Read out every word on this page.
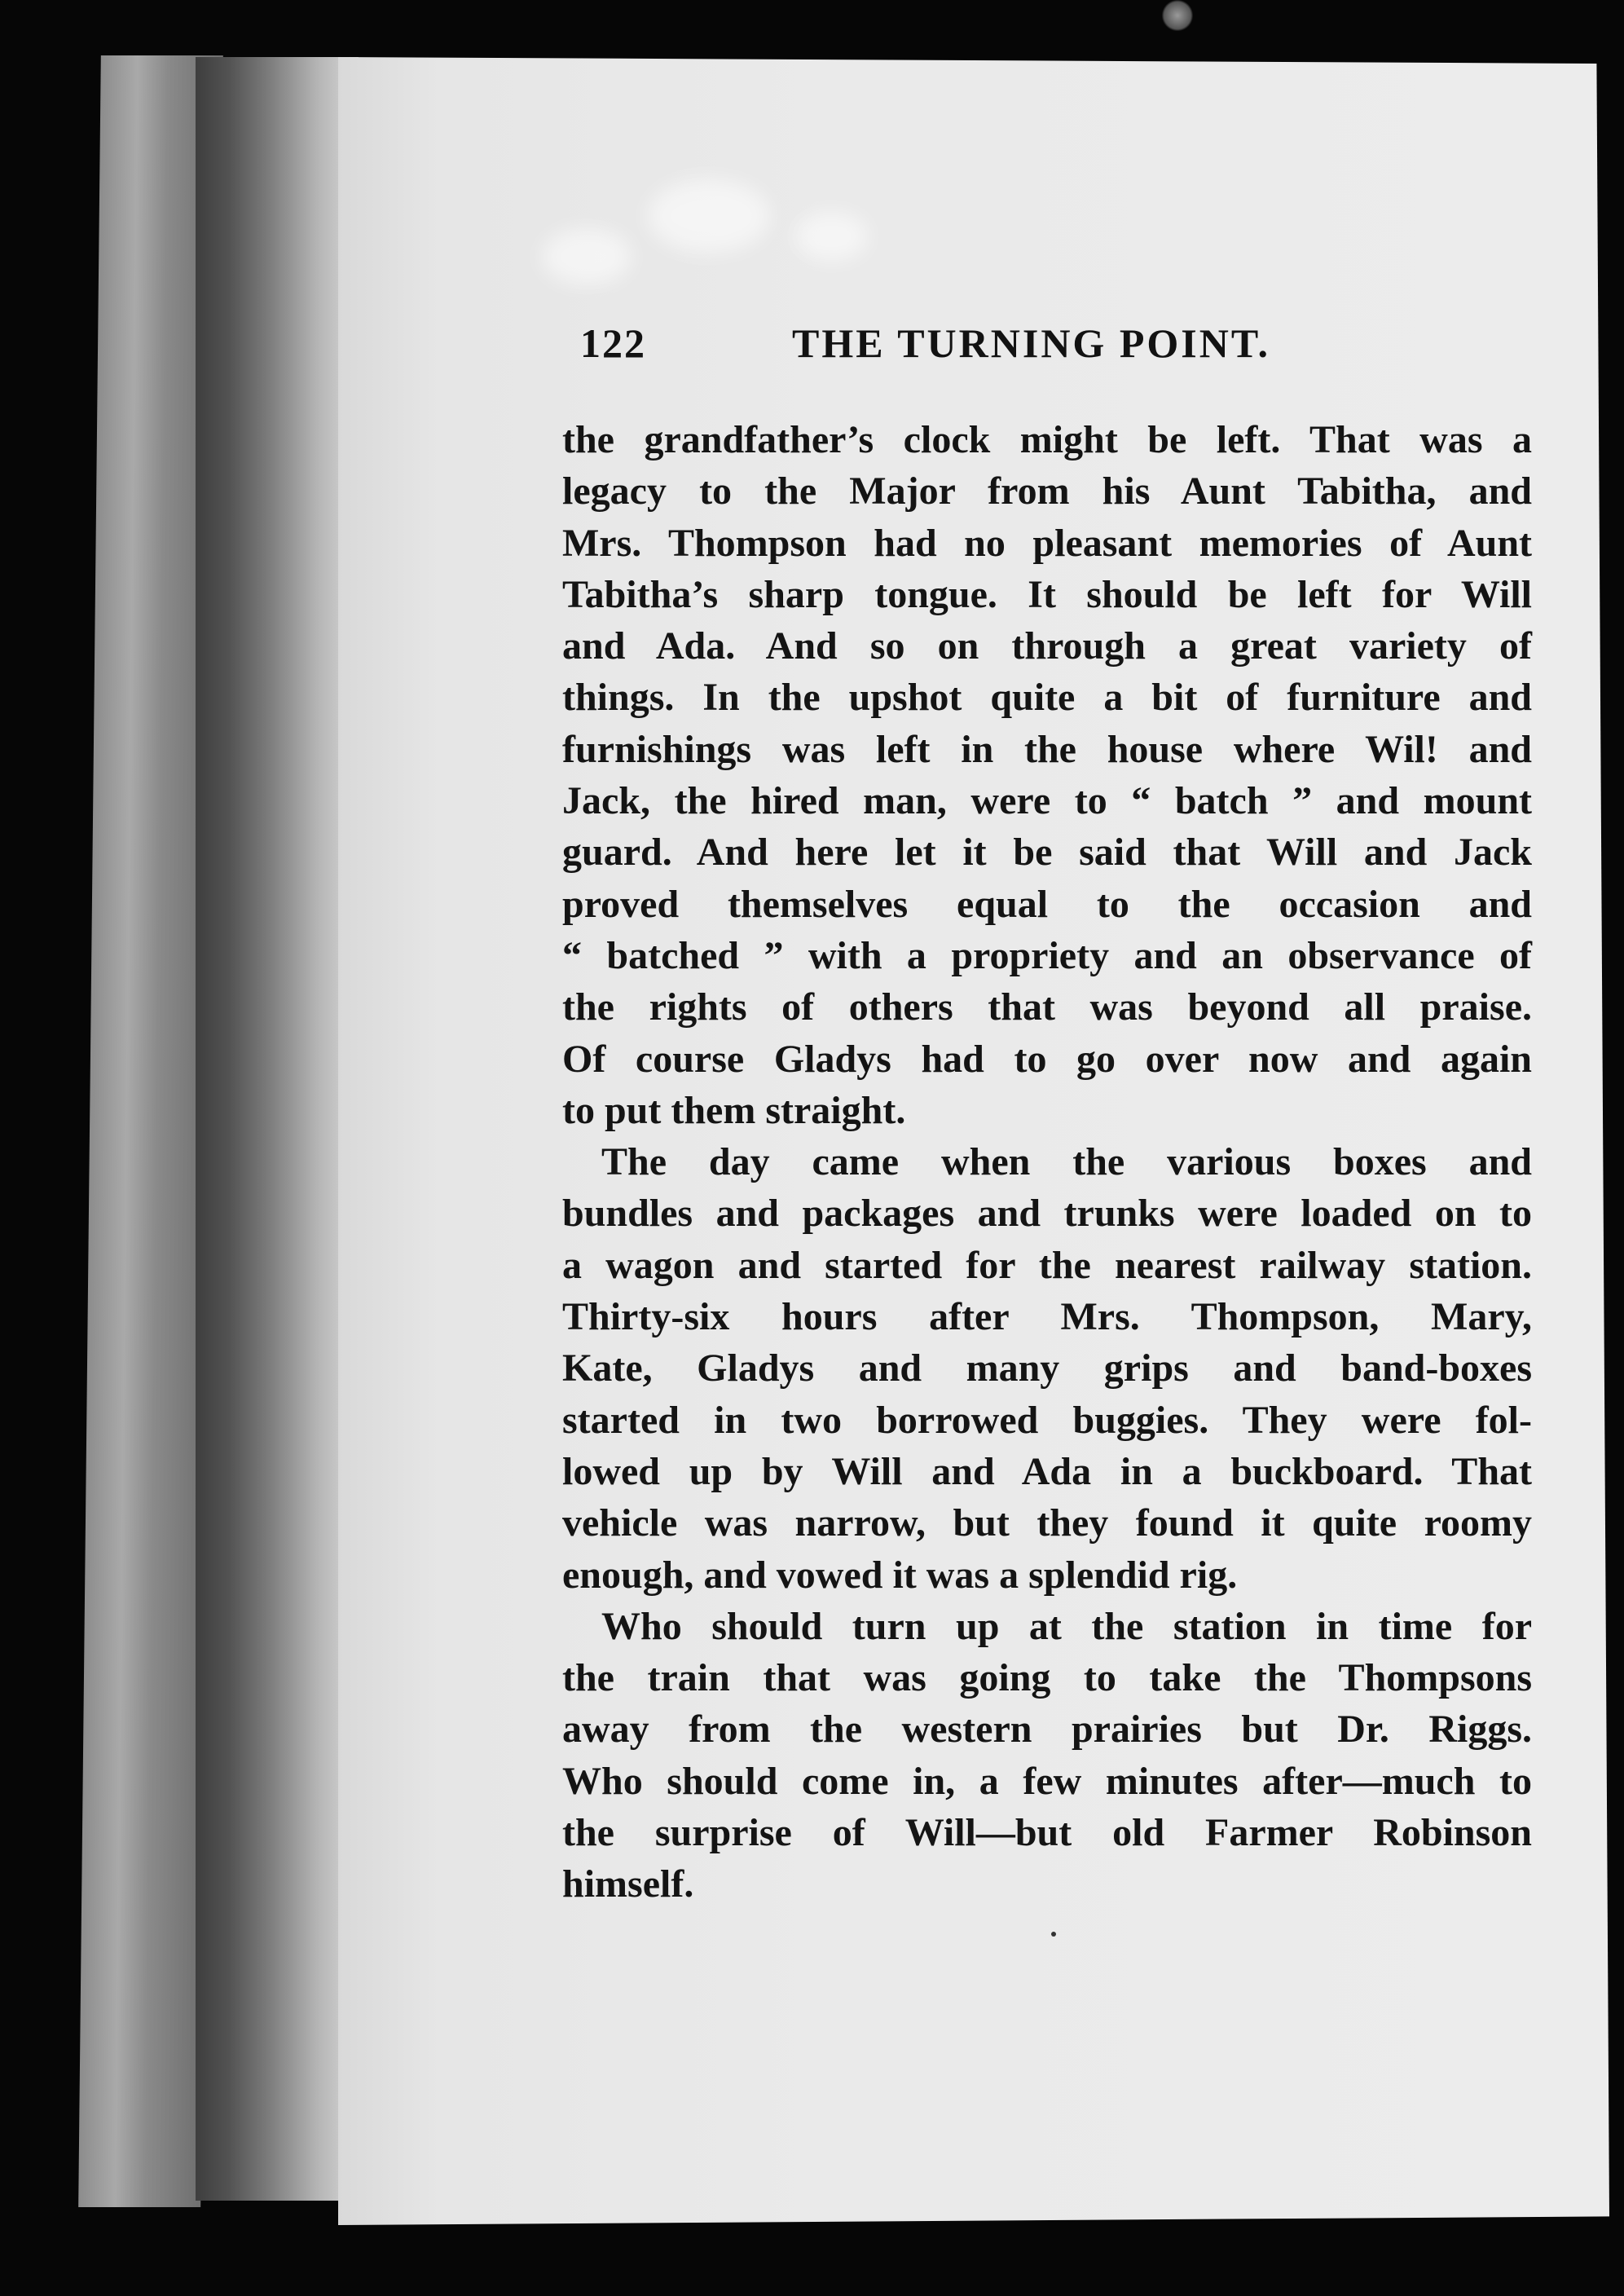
122	THE TURNING POINT.
the grandfather’s clock might be left. That was a
legacy to the Major from his Aunt Tabitha, and
Mrs. Thompson had no pleasant memories of Aunt
Tabitha’s sharp tongue. It should be left for Will
and Ada. And so on through a great variety of
things. In the upshot quite a bit of furniture and
furnishings was left in the house where Wil! and
Jack, the hired man, were to “ batch ” and mount
guard. And here let it be said that Will and Jack
proved themselves equal to the occasion and
“ batched ” with a propriety and an observance of
the rights of others that was beyond all praise.
Of course Gladys had to go over now and again
to put them straight.
The day came when the various boxes and
bundles and packages and trunks were loaded on to
a wagon and started for the nearest railway station.
Thirty-six hours after Mrs. Thompson, Mary,
Kate, Gladys and many grips and band-boxes
started in two borrowed buggies. They were fol-
lowed up by Will and Ada in a buckboard. That
vehicle was narrow, but they found it quite roomy
enough, and vowed it was a splendid rig.
Who should turn up at the station in time for
the train that was going to take the Thompsons
away from the western prairies but Dr. Riggs.
Who should come in, a few minutes after—much to
the surprise of Will—but old Farmer Robinson
himself.
